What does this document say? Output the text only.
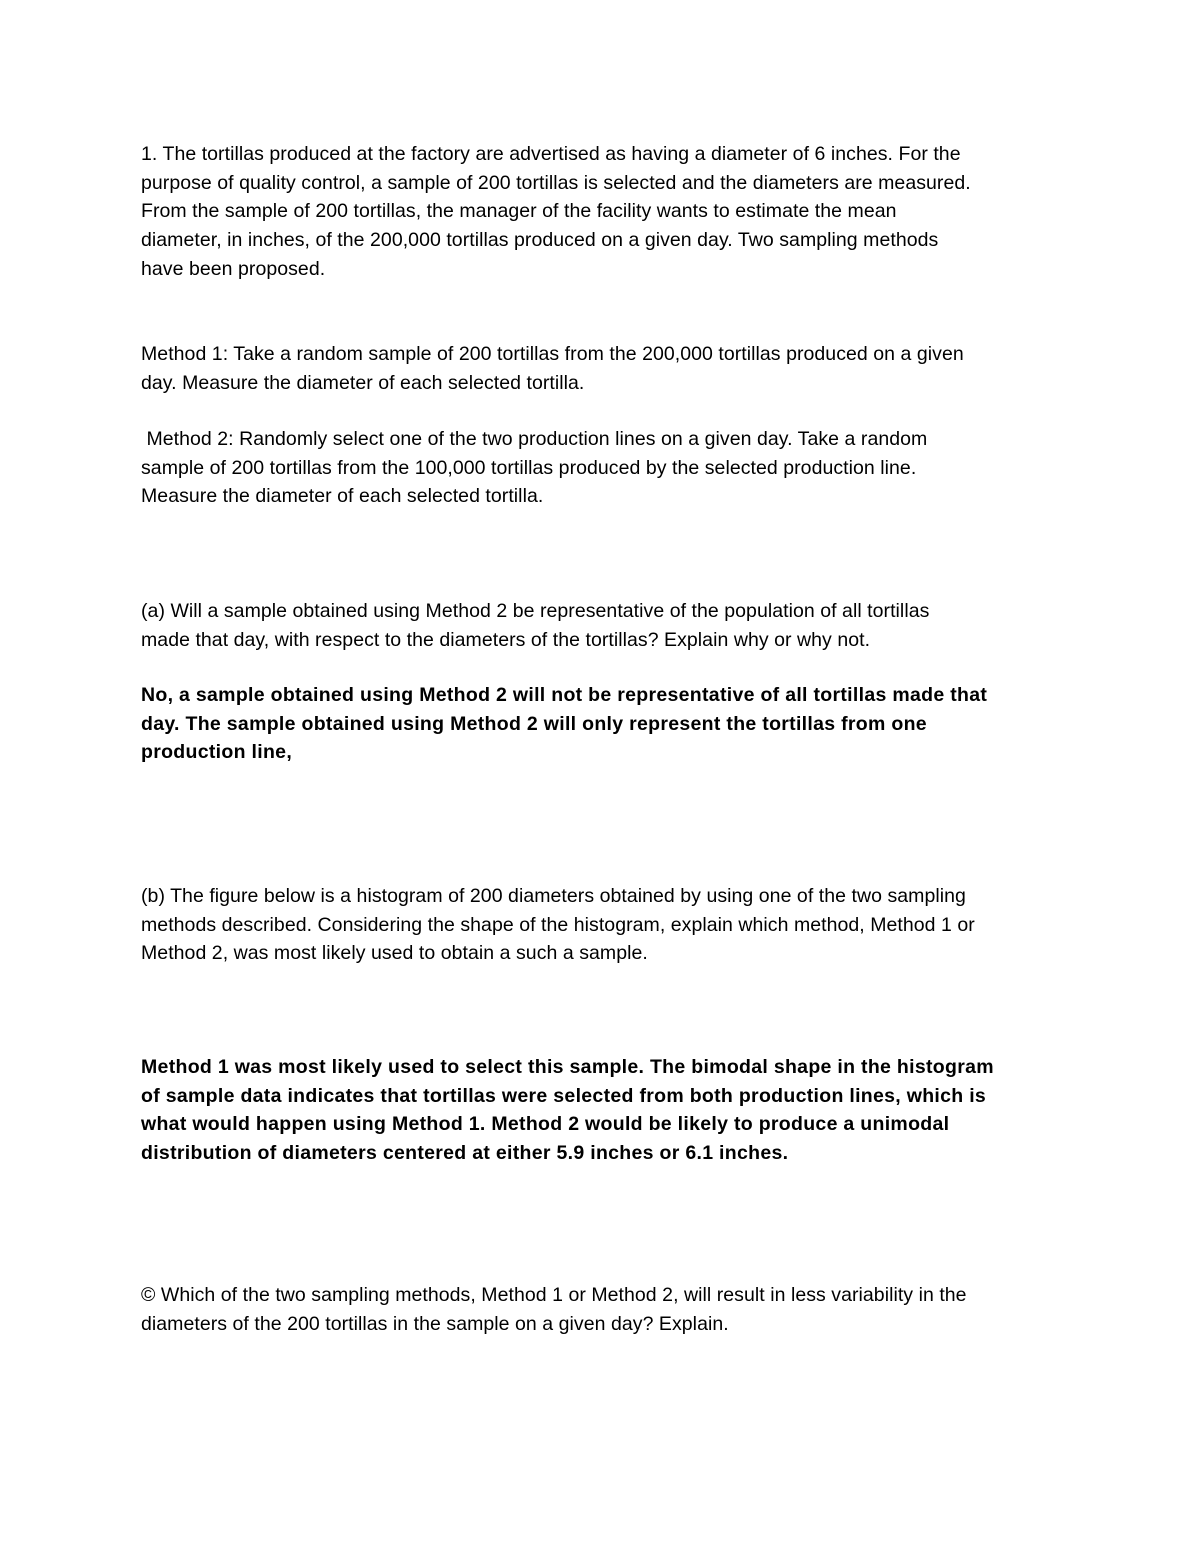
1. The tortillas produced at the factory are advertised as having a diameter of 6 inches. For the
purpose of quality control, a sample of 200 tortillas is selected and the diameters are measured.
From the sample of 200 tortillas, the manager of the facility wants to estimate the mean
diameter, in inches, of the 200,000 tortillas produced on a given day. Two sampling methods
have been proposed.

Method 1: Take a random sample of 200 tortillas from the 200,000 tortillas produced on a given
day. Measure the diameter of each selected tortilla.

Method 2: Randomly select one of the two production lines on a given day. Take a random
sample of 200 tortillas from the 100,000 tortillas produced by the selected production line.
Measure the diameter of each selected tortilla.

(a) Will a sample obtained using Method 2 be representative of the population of all tortillas
made that day, with respect to the diameters of the tortillas? Explain why or why not.

No, a sample obtained using Method 2 will not be representative of all tortillas made that
day. The sample obtained using Method 2 will only represent the tortillas from one
production line,

(b) The figure below is a histogram of 200 diameters obtained by using one of the two sampling
methods described. Considering the shape of the histogram, explain which method, Method 1 or
Method 2, was most likely used to obtain a such a sample.

Method 1 was most likely used to select this sample. The bimodal shape in the histogram
of sample data indicates that tortillas were selected from both production lines, which is
what would happen using Method 1. Method 2 would be likely to produce a unimodal
distribution of diameters centered at either 5.9 inches or 6.1 inches.

© Which of the two sampling methods, Method 1 or Method 2, will result in less variability in the
diameters of the 200 tortillas in the sample on a given day? Explain.
